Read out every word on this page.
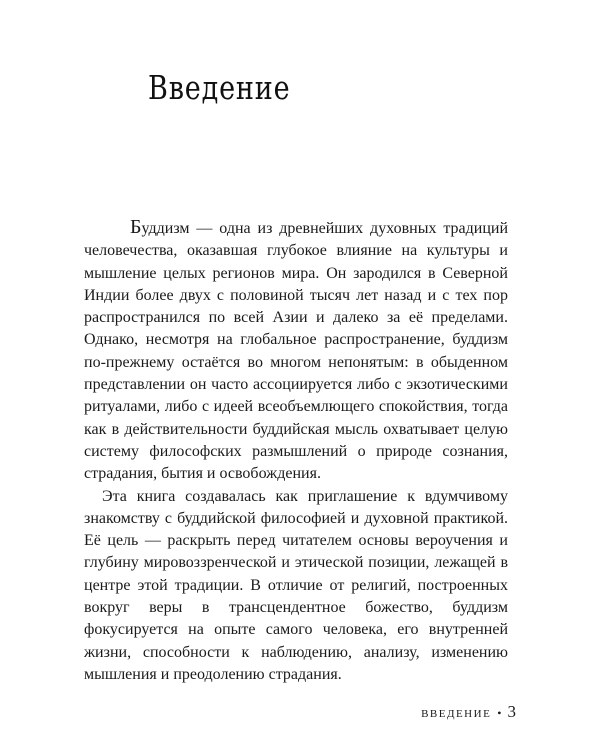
Введение

Буддизм — одна из древнейших духовных традиций человечества, оказавшая глубокое влияние на культуры и мышление целых регионов мира. Он зародился в Северной Индии более двух с половиной тысяч лет назад и с тех пор распространился по всей Азии и далеко за её пределами. Однако, несмотря на глобальное распространение, буддизм по-прежнему остаётся во многом непонятым: в обыденном представлении он часто ассоциируется либо с экзотическими ритуалами, либо с идеей всеобъемлющего спокойствия, тогда как в действительности буддийская мысль охватывает целую систему философских размышлений о природе сознания, страдания, бытия и освобождения.

Эта книга создавалась как приглашение к вдумчивому знакомству с буддийской философией и духовной практикой. Её цель — раскрыть перед читателем основы вероучения и глубину мировоззренческой и этической позиции, лежащей в центре этой традиции. В отличие от религий, построенных вокруг веры в трансцендентное божество, буддизм фокусируется на опыте самого человека, его внутренней жизни, способности к наблюдению, анализу, изменению мышления и преодолению страдания.

ВВЕДЕНИЕ • 3
